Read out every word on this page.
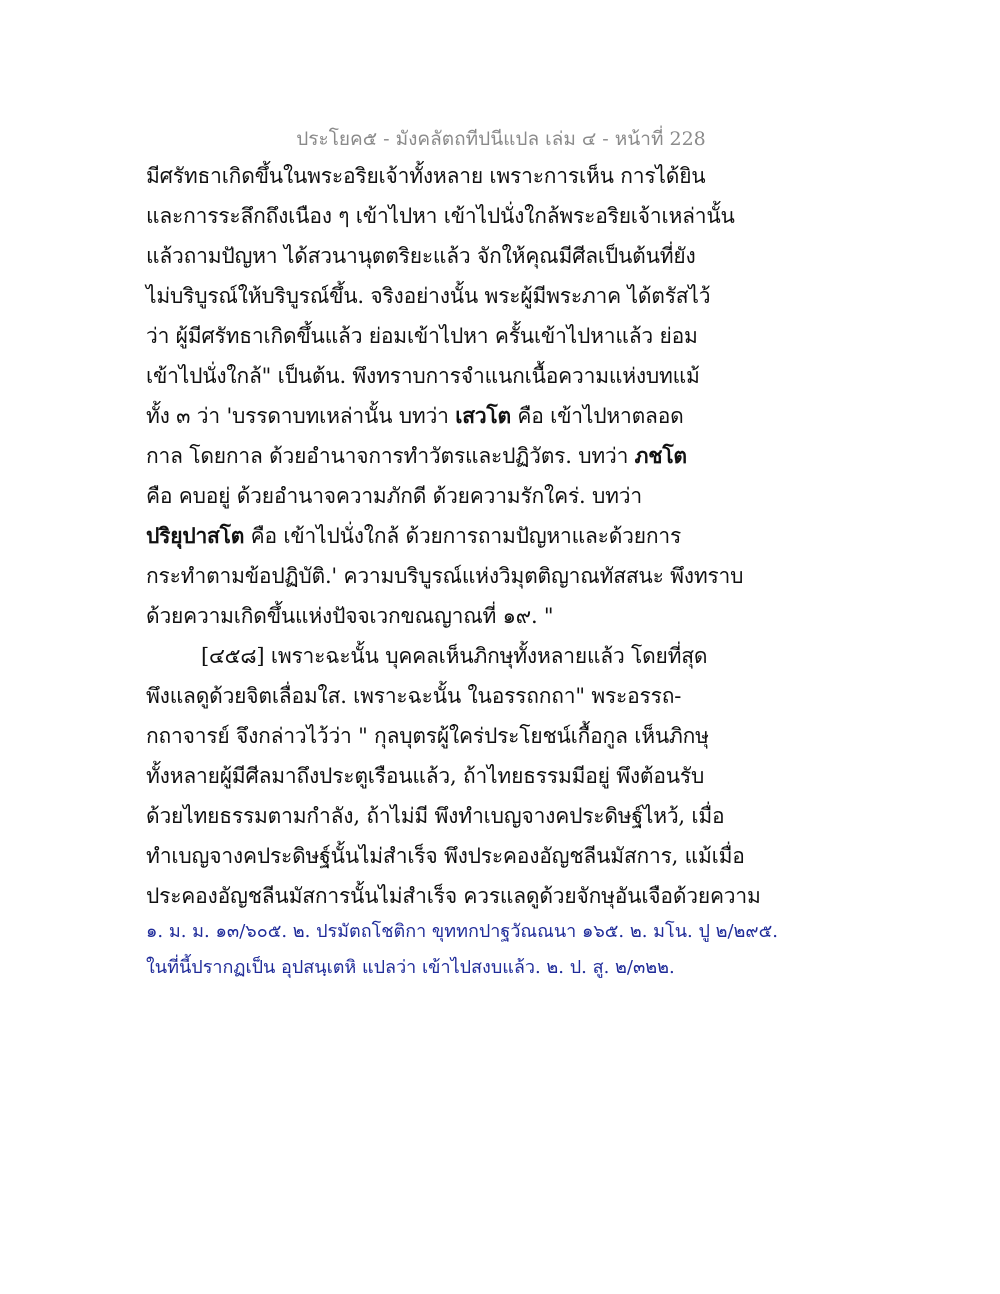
ประโยค๕ - มังคลัตถทีปนีแปล เล่ม ๔ - หน้าที่ 228
มีศรัทธาเกิดขึ้นในพระอริยเจ้าทั้งหลาย เพราะการเห็น การได้ยิน
และการระลึกถึงเนือง ๆ เข้าไปหา เข้าไปนั่งใกล้พระอริยเจ้าเหล่านั้น
แล้วถามปัญหา ได้สวนานุตตริยะแล้ว จักให้คุณมีศีลเป็นต้นที่ยัง
ไม่บริบูรณ์ให้บริบูรณ์ขึ้น. จริงอย่างนั้น พระผู้มีพระภาค ได้ตรัสไว้
ว่า ผู้มีศรัทธาเกิดขึ้นแล้ว ย่อมเข้าไปหา ครั้นเข้าไปหาแล้ว ย่อม
เข้าไปนั่งใกล้" เป็นต้น. พึงทราบการจำแนกเนื้อความแห่งบทแม้
ทั้ง ๓ ว่า 'บรรดาบทเหล่านั้น บทว่า เสวโต คือ เข้าไปหาตลอด
กาล โดยกาล ด้วยอำนาจการทำวัตรและปฏิวัตร. บทว่า ภชโต
คือ คบอยู่ ด้วยอำนาจความภักดี ด้วยความรักใคร่. บทว่า
ปริยุปาสโต คือ เข้าไปนั่งใกล้ ด้วยการถามปัญหาและด้วยการ
กระทำตามข้อปฏิบัติ.' ความบริบูรณ์แห่งวิมุตติญาณทัสสนะ พึงทราบ
ด้วยความเกิดขึ้นแห่งปัจจเวกขณญาณที่ ๑๙. "
[๔๕๘] เพราะฉะนั้น บุคคลเห็นภิกษุทั้งหลายแล้ว โดยที่สุด
พึงแลดูด้วยจิตเลื่อมใส. เพราะฉะนั้น ในอรรถกถา" พระอรรถ-
กถาจารย์ จึงกล่าวไว้ว่า " กุลบุตรผู้ใคร่ประโยชน์เกื้อกูล เห็นภิกษุ
ทั้งหลายผู้มีศีลมาถึงประตูเรือนแล้ว, ถ้าไทยธรรมมีอยู่ พึงต้อนรับ
ด้วยไทยธรรมตามกำลัง, ถ้าไม่มี พึงทำเบญจางคประดิษฐ์ไหว้, เมื่อ
ทำเบญจางคประดิษฐ์นั้นไม่สำเร็จ พึงประคองอัญชลีนมัสการ, แม้เมื่อ
ประคองอัญชลีนมัสการนั้นไม่สำเร็จ ควรแลดูด้วยจักษุอันเจือด้วยความ
๑. ม. ม. ๑๓/๖๐๕. ๒. ปรมัตถโชติกา ขุททกปาฐวัณณนา ๑๖๕. ๒. มโน. ปู ๒/๒๙๕.
ในที่นี้ปรากฏเป็น อุปสนฺเตหิ แปลว่า เข้าไปสงบแล้ว. ๒. ป. สู. ๒/๓๒๒.
